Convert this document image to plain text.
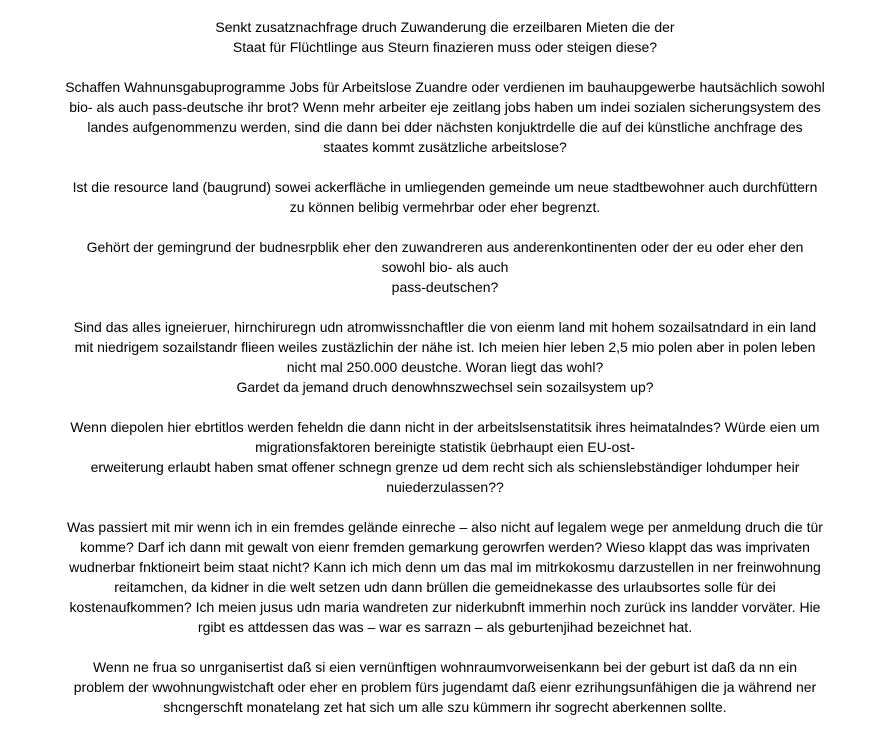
Senkt zusatznachfrage druch Zuwanderung die erzeilbaren Mieten die der
Staat für Flüchtlinge aus Steurn finazieren muss oder steigen diese?
Schaffen Wahnunsgabuprogramme Jobs für Arbeitslose Zuandre oder verdienen im bauhaupgewerbe hautsächlich sowohl
bio- als auch pass-deutsche ihr brot? Wenn mehr arbeiter eje zeitlang jobs haben um indei sozialen sicherungsystem des
landes aufgenommenzu werden, sind die dann bei dder nächsten konjuktrdelle die auf dei künstliche anchfrage des
staates kommt zusätzliche arbeitslose?
Ist die resource land (baugrund) sowei ackerfläche in umliegenden gemeinde um neue stadtbewohner auch durchfüttern
zu können belibig vermehrbar oder eher begrenzt.
Gehört der gemingrund der budnesrpblik eher den zuwandreren aus anderenkontinenten oder der eu oder eher den
sowohl bio- als auch
pass-deutschen?
Sind das alles igneieruer, hirnchiruregn udn atromwissnchaftler die von eienm land mit hohem sozailsatndard in ein land
mit niedrigem sozailstandr flieen weiles zustäzlichin der nähe ist. Ich meien hier leben 2,5 mio polen aber in polen leben
nicht mal 250.000 deustche. Woran liegt das wohl?
Gardet da jemand druch denowhnszwechsel sein sozailsystem up?
Wenn diepolen hier ebrtitlos werden feheldn die dann nicht in der arbeitslsenstatitsik ihres heimatalndes? Würde eien um
migrationsfaktoren bereinigte statistik üebrhaupt eien EU-ost-
erweiterung erlaubt haben smat offener schnegn grenze ud dem recht sich als schienslebständiger lohdumper heir
nuiederzulassen??
Was passiert mit mir wenn ich in ein fremdes gelände einreche – also nicht auf legalem wege per anmeldung druch die tür
komme? Darf ich dann mit gewalt von eienr fremden gemarkung gerowrfen werden? Wieso klappt das was imprivaten
wudnerbar fnktioneirt beim staat nicht? Kann ich mich denn um das mal im mitrkokosmu darzustellen in ner freinwohnung
reitamchen, da kidner in die welt setzen udn dann brüllen die gemeidnekasse des urlaubsortes solle für dei
kostenaufkommen? Ich meien jusus udn maria wandreten zur niderkubnft immerhin noch zurück ins landder vorväter. Hie
rgibt es attdessen das was – war es sarrazn – als geburtenjihad bezeichnet hat.
Wenn ne frua so unrganisertist daß si eien vernünftigen wohnraumvorweisenkann bei der geburt ist daß da nn ein
problem der wwohnungwistchaft oder eher en problem fürs jugendamt daß eienr ezrihungsunfähigen die ja während ner
shcngerschft monatelang zet hat sich um alle szu kümmern ihr sogrecht aberkennen sollte.
